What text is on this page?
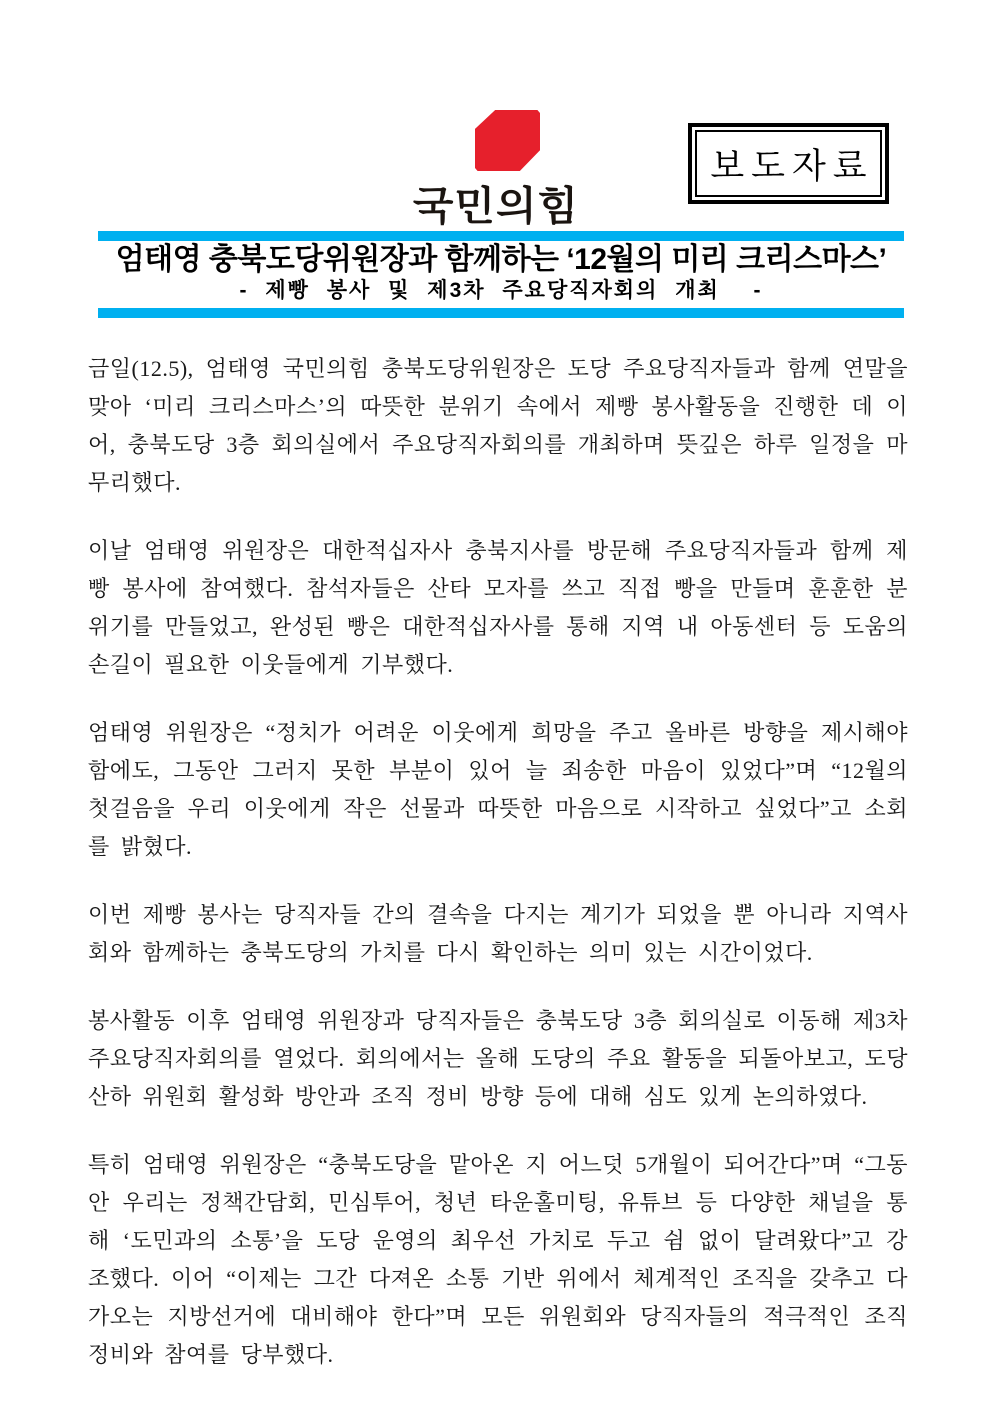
국민의힘
보도자료
엄태영 충북도당위원장과 함께하는 ‘12월의 미리 크리스마스’
- 제빵 봉사 및 제3차 주요당직자회의 개최  -

금일(12.5), 엄태영 국민의힘 충북도당위원장은 도당 주요당직자들과 함께 연말을 맞아 ‘미리 크리스마스’의 따뜻한 분위기 속에서 제빵 봉사활동을 진행한 데 이어, 충북도당 3층 회의실에서 주요당직자회의를 개최하며 뜻깊은 하루 일정을 마무리했다.

이날 엄태영 위원장은 대한적십자사 충북지사를 방문해 주요당직자들과 함께 제빵 봉사에 참여했다. 참석자들은 산타 모자를 쓰고 직접 빵을 만들며 훈훈한 분위기를 만들었고, 완성된 빵은 대한적십자사를 통해 지역 내 아동센터 등 도움의 손길이 필요한 이웃들에게 기부했다.

엄태영 위원장은 “정치가 어려운 이웃에게 희망을 주고 올바른 방향을 제시해야 함에도, 그동안 그러지 못한 부분이 있어 늘 죄송한 마음이 있었다”며 “12월의 첫걸음을 우리 이웃에게 작은 선물과 따뜻한 마음으로 시작하고 싶었다”고 소회를 밝혔다.

이번 제빵 봉사는 당직자들 간의 결속을 다지는 계기가 되었을 뿐 아니라 지역사회와 함께하는 충북도당의 가치를 다시 확인하는 의미 있는 시간이었다.

봉사활동 이후 엄태영 위원장과 당직자들은 충북도당 3층 회의실로 이동해 제3차 주요당직자회의를 열었다. 회의에서는 올해 도당의 주요 활동을 되돌아보고, 도당 산하 위원회 활성화 방안과 조직 정비 방향 등에 대해 심도 있게 논의하였다.

특히 엄태영 위원장은 “충북도당을 맡아온 지 어느덧 5개월이 되어간다”며 “그동안 우리는 정책간담회, 민심투어, 청년 타운홀미팅, 유튜브 등 다양한 채널을 통해 ‘도민과의 소통’을 도당 운영의 최우선 가치로 두고 쉼 없이 달려왔다”고 강조했다. 이어 “이제는 그간 다져온 소통 기반 위에서 체계적인 조직을 갖추고 다가오는 지방선거에 대비해야 한다”며 모든 위원회와 당직자들의 적극적인 조직 정비와 참여를 당부했다.
